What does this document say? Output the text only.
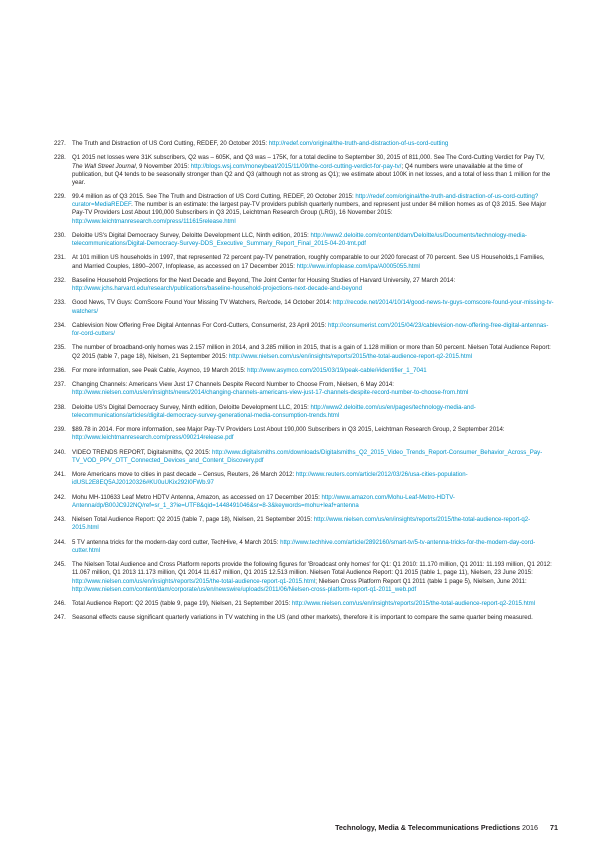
227.	The Truth and Distraction of US Cord Cutting, REDEF, 20 October 2015: http://redef.com/original/the-truth-and-distraction-of-us-cord-cutting
228.	Q1 2015 net losses were 31K subscribers, Q2 was – 605K, and Q3 was – 175K, for a total decline to September 30, 2015 of 811,000. See The Cord-Cutting Verdict for Pay TV, The Wall Street Journal, 9 November 2015: http://blogs.wsj.com/moneybeat/2015/11/09/the-cord-cutting-verdict-for-pay-tv/; Q4 numbers were unavailable at the time of publication, but Q4 tends to be seasonally stronger than Q2 and Q3 (although not as strong as Q1); we estimate about 100K in net losses, and a total of less than 1 million for the year.
229.	99.4 million as of Q3 2015. See The Truth and Distraction of US Cord Cutting, REDEF, 20 October 2015: http://redef.com/original/the-truth-and-distraction-of-us-cord-cutting?curator=MediaREDEF. The number is an estimate: the largest pay-TV providers publish quarterly numbers, and represent just under 84 million homes as of Q3 2015. See Major Pay-TV Providers Lost About 190,000 Subscribers in Q3 2015, Leichtman Research Group (LRG), 16 November 2015: http://www.leichtmanresearch.com/press/111615release.html
230.	Deloitte US's Digital Democracy Survey, Deloitte Development LLC, Ninth edition, 2015: http://www2.deloitte.com/content/dam/Deloitte/us/Documents/technology-media-telecommunications/Digital-Democracy-Survey-DDS_Executive_Summary_Report_Final_2015-04-20-tmt.pdf
231.	At 101 million US households in 1997, that represented 72 percent pay-TV penetration, roughly comparable to our 2020 forecast of 70 percent. See US Households,1 Families, and Married Couples, 1890–2007, Infoplease, as accessed on 17 December 2015: http://www.infoplease.com/ipa/A0005055.html
232.	Baseline Household Projections for the Next Decade and Beyond, The Joint Center for Housing Studies of Harvard University, 27 March 2014: http://www.jchs.harvard.edu/research/publications/baseline-household-projections-next-decade-and-beyond
233.	Good News, TV Guys: ComScore Found Your Missing TV Watchers, Re/code, 14 October 2014: http://recode.net/2014/10/14/good-news-tv-guys-comscore-found-your-missing-tv-watchers/
234.	Cablevision Now Offering Free Digital Antennas For Cord-Cutters, Consumerist, 23 April 2015: http://consumerist.com/2015/04/23/cablevision-now-offering-free-digital-antennas-for-cord-cutters/
235.	The number of broadband-only homes was 2.157 million in 2014, and 3.285 million in 2015, that is a gain of 1.128 million or more than 50 percent. Nielsen Total Audience Report: Q2 2015 (table 7, page 18), Nielsen, 21 September 2015: http://www.nielsen.com/us/en/insights/reports/2015/the-total-audience-report-q2-2015.html
236.	For more information, see Peak Cable, Asymco, 19 March 2015: http://www.asymco.com/2015/03/19/peak-cable/#identifier_1_7041
237.	Changing Channels: Americans View Just 17 Channels Despite Record Number to Choose From, Nielsen, 6 May 2014: http://www.nielsen.com/us/en/insights/news/2014/changing-channels-americans-view-just-17-channels-despite-record-number-to-choose-from.html
238.	Deloitte US's Digital Democracy Survey, Ninth edition, Deloitte Development LLC, 2015: http://www2.deloitte.com/us/en/pages/technology-media-and-telecommunications/articles/digital-democracy-survey-generational-media-consumption-trends.html
239.	$89.78 in 2014. For more information, see Major Pay-TV Providers Lost About 190,000 Subscribers in Q3 2015, Leichtman Research Group, 2 September 2014: http://www.leichtmanresearch.com/press/090214release.pdf
240.	VIDEO TRENDS REPORT, Digitalsmiths, Q2 2015: http://www.digitalsmiths.com/downloads/Digitalsmiths_Q2_2015_Video_Trends_Report-Consumer_Behavior_Across_Pay-TV_VOD_PPV_OTT_Connected_Devices_and_Content_Discovery.pdf
241.	More Americans move to cities in past decade – Census, Reuters, 26 March 2012: http://www.reuters.com/article/2012/03/26/usa-cities-population-idUSL2E8EQ5AJ20120326#KU0uUKix292I0FWb.97
242.	Mohu MH-110633 Leaf Metro HDTV Antenna, Amazon, as accessed on 17 December 2015: http://www.amazon.com/Mohu-Leaf-Metro-HDTV-Antenna/dp/B00JC9J2NQ/ref=sr_1_3?ie=UTF8&qid=1448491046&sr=8-3&keywords=mohu+leaf+antenna
243.	Nielsen Total Audience Report: Q2 2015 (table 7, page 18), Nielsen, 21 September 2015: http://www.nielsen.com/us/en/insights/reports/2015/the-total-audience-report-q2-2015.html
244.	5 TV antenna tricks for the modern-day cord cutter, TechHive, 4 March 2015: http://www.techhive.com/article/2892160/smart-tv/5-tv-antenna-tricks-for-the-modern-day-cord-cutter.html
245.	The Nielsen Total Audience and Cross Platform reports provide the following figures for 'Broadcast only homes' for Q1: Q1 2010: 11.170 million, Q1 2011: 11.193 million, Q1 2012: 11.067 million, Q1 2013 11.173 million, Q1 2014 11.617 million, Q1 2015 12.513 million. Nielsen Total Audience Report: Q1 2015 (table 1, page 11), Nielsen, 23 June 2015: http://www.nielsen.com/us/en/insights/reports/2015/the-total-audience-report-q1-2015.html; Nielsen Cross Platform Report Q1 2011 (table 1 page 5), Nielsen, June 2011: http://www.nielsen.com/content/dam/corporate/us/en/newswire/uploads/2011/06/Nielsen-cross-platform-report-q1-2011_web.pdf
246.	Total Audience Report: Q2 2015 (table 9, page 19), Nielsen, 21 September 2015: http://www.nielsen.com/us/en/insights/reports/2015/the-total-audience-report-q2-2015.html
247.	Seasonal effects cause significant quarterly variations in TV watching in the US (and other markets), therefore it is important to compare the same quarter being measured.
Technology, Media & Telecommunications Predictions 2016 71
